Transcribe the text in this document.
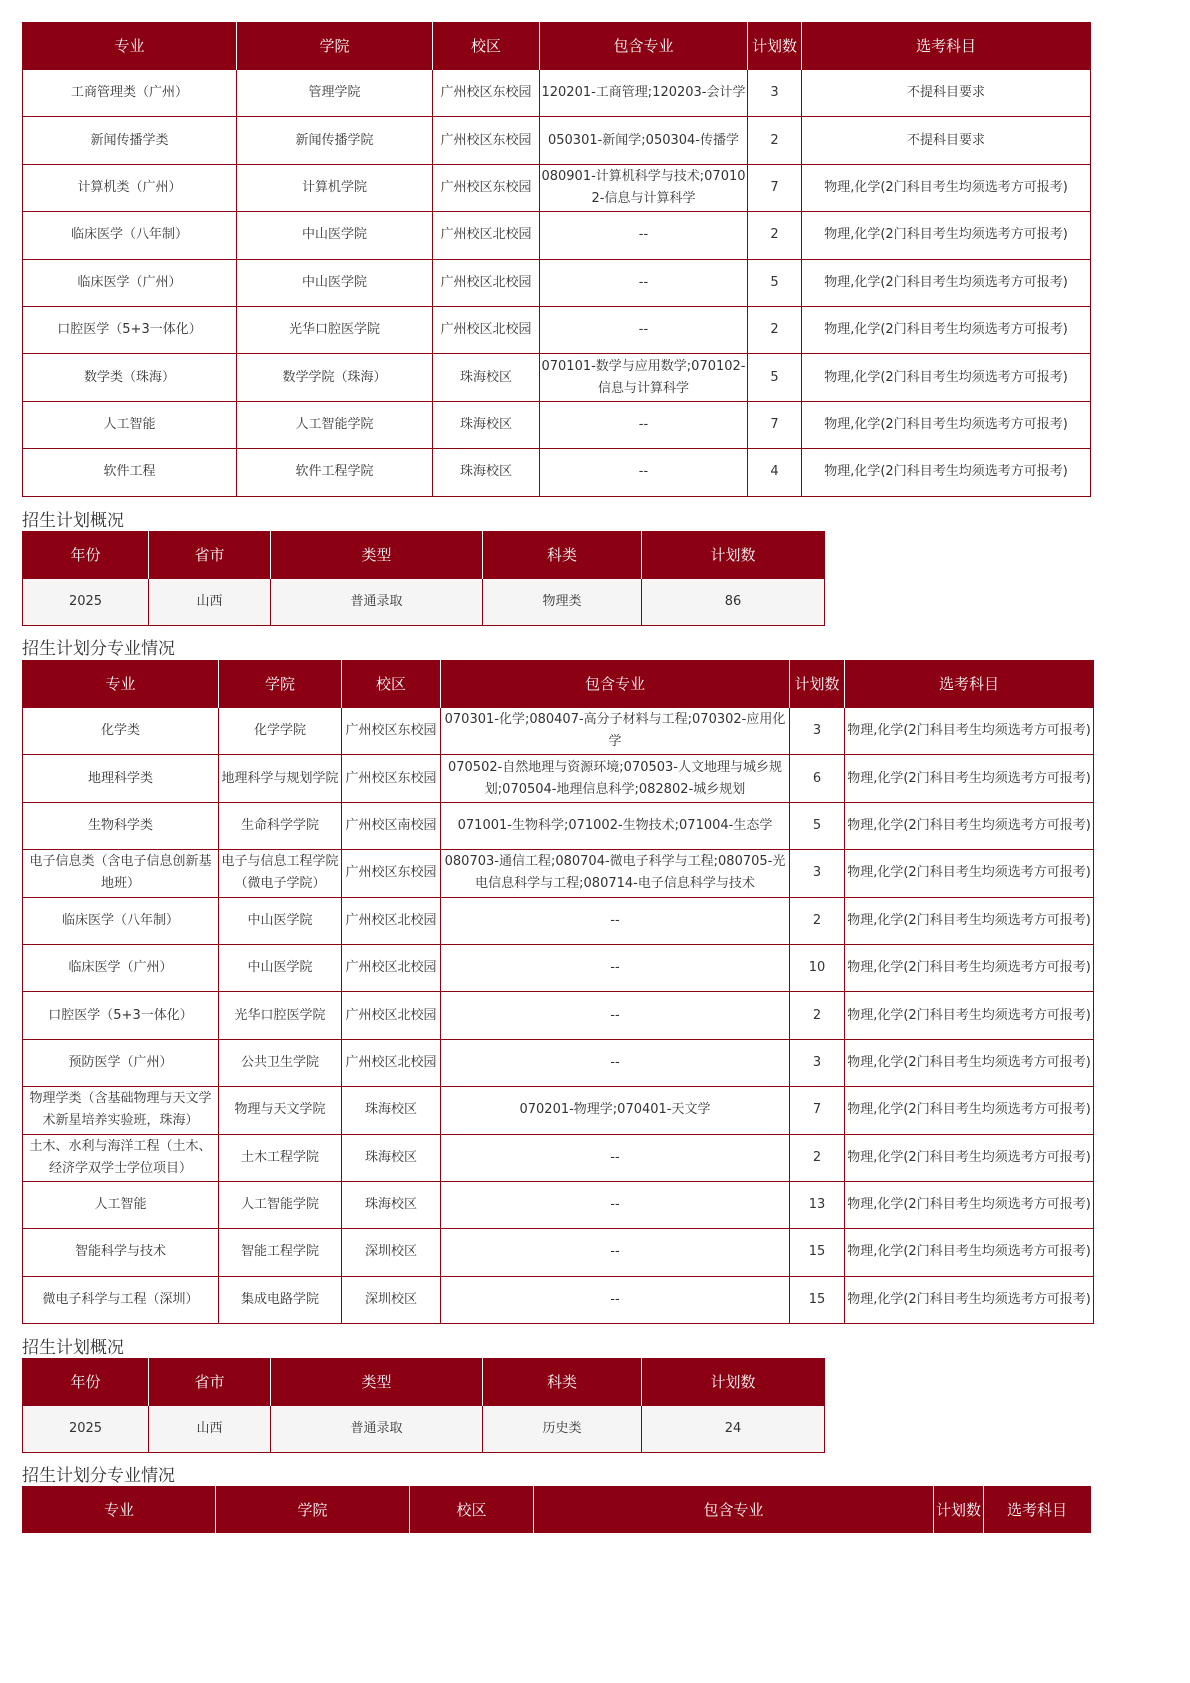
专业	学院	校区	包含专业	计划数	选考科目
工商管理类（广州）	管理学院	广州校区东校园	120201-工商管理;120203-会计学	3	不提科目要求
新闻传播学类	新闻传播学院	广州校区东校园	050301-新闻学;050304-传播学	2	不提科目要求
计算机类（广州）	计算机学院	广州校区东校园	080901-计算机科学与技术;070102-信息与计算科学	7	物理,化学(2门科目考生均须选考方可报考)
临床医学（八年制）	中山医学院	广州校区北校园	--	2	物理,化学(2门科目考生均须选考方可报考)
临床医学（广州）	中山医学院	广州校区北校园	--	5	物理,化学(2门科目考生均须选考方可报考)
口腔医学（5+3一体化）	光华口腔医学院	广州校区北校园	--	2	物理,化学(2门科目考生均须选考方可报考)
数学类（珠海）	数学学院（珠海）	珠海校区	070101-数学与应用数学;070102-信息与计算科学	5	物理,化学(2门科目考生均须选考方可报考)
人工智能	人工智能学院	珠海校区	--	7	物理,化学(2门科目考生均须选考方可报考)
软件工程	软件工程学院	珠海校区	--	4	物理,化学(2门科目考生均须选考方可报考)
招生计划概况
年份	省市	类型	科类	计划数
2025	山西	普通录取	物理类	86
招生计划分专业情况
专业	学院	校区	包含专业	计划数	选考科目
化学类	化学学院	广州校区东校园	070301-化学;080407-高分子材料与工程;070302-应用化学	3	物理,化学(2门科目考生均须选考方可报考)
地理科学类	地理科学与规划学院	广州校区东校园	070502-自然地理与资源环境;070503-人文地理与城乡规划;070504-地理信息科学;082802-城乡规划	6	物理,化学(2门科目考生均须选考方可报考)
生物科学类	生命科学学院	广州校区南校园	071001-生物科学;071002-生物技术;071004-生态学	5	物理,化学(2门科目考生均须选考方可报考)
电子信息类（含电子信息创新基地班）	电子与信息工程学院（微电子学院）	广州校区东校园	080703-通信工程;080704-微电子科学与工程;080705-光电信息科学与工程;080714-电子信息科学与技术	3	物理,化学(2门科目考生均须选考方可报考)
临床医学（八年制）	中山医学院	广州校区北校园	--	2	物理,化学(2门科目考生均须选考方可报考)
临床医学（广州）	中山医学院	广州校区北校园	--	10	物理,化学(2门科目考生均须选考方可报考)
口腔医学（5+3一体化）	光华口腔医学院	广州校区北校园	--	2	物理,化学(2门科目考生均须选考方可报考)
预防医学（广州）	公共卫生学院	广州校区北校园	--	3	物理,化学(2门科目考生均须选考方可报考)
物理学类（含基础物理与天文学术新星培养实验班，珠海）	物理与天文学院	珠海校区	070201-物理学;070401-天文学	7	物理,化学(2门科目考生均须选考方可报考)
土木、水利与海洋工程（土木、经济学双学士学位项目）	土木工程学院	珠海校区	--	2	物理,化学(2门科目考生均须选考方可报考)
人工智能	人工智能学院	珠海校区	--	13	物理,化学(2门科目考生均须选考方可报考)
智能科学与技术	智能工程学院	深圳校区	--	15	物理,化学(2门科目考生均须选考方可报考)
微电子科学与工程（深圳）	集成电路学院	深圳校区	--	15	物理,化学(2门科目考生均须选考方可报考)
招生计划概况
年份	省市	类型	科类	计划数
2025	山西	普通录取	历史类	24
招生计划分专业情况
专业	学院	校区	包含专业	计划数	选考科目
